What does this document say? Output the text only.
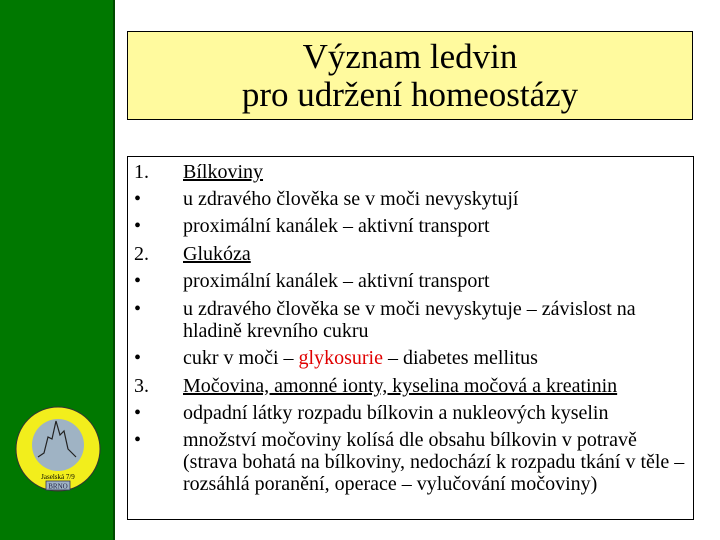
Jaselská 7/9
BRNO
Význam ledvin
pro udržení homeostázy
1.	Bílkoviny
•	u zdravého člověka se v moči nevyskytují
•	proximální kanálek – aktivní transport
2.	Glukóza
•	proximální kanálek – aktivní transport
•	u zdravého člověka se v moči nevyskytuje – závislost na hladině krevního cukru
•	cukr v moči – glykosurie – diabetes mellitus
3.	Močovina, amonné ionty, kyselina močová a kreatinin
•	odpadní látky rozpadu bílkovin a nukleových kyselin
•	množství močoviny kolísá dle obsahu bílkovin v potravě (strava bohatá na bílkoviny, nedochází k rozpadu tkání v těle – rozsáhlá poranění, operace – vylučování močoviny)
